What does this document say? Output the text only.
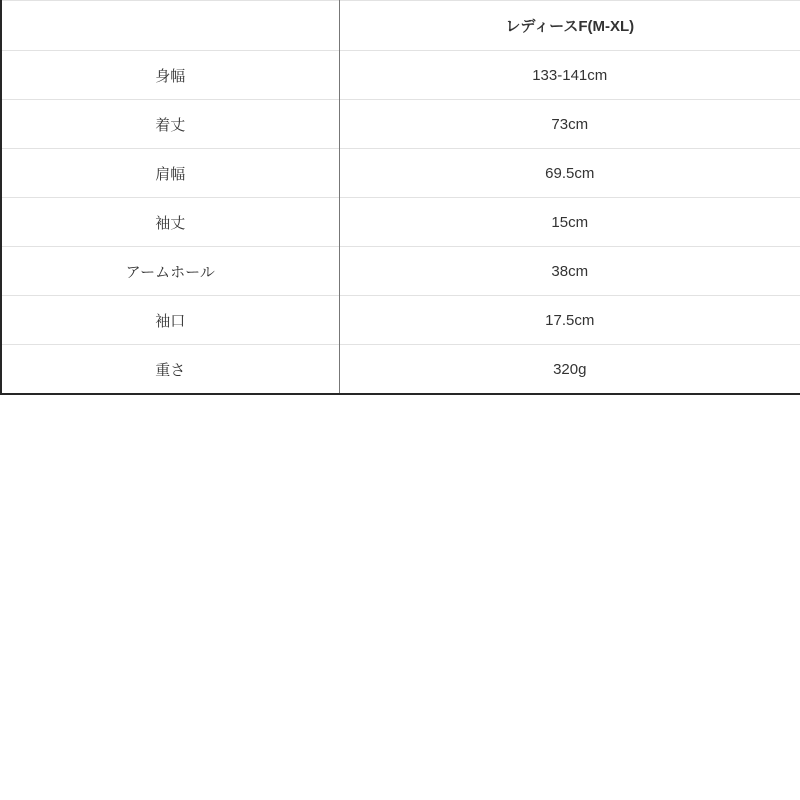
	レディースF(M-XL)
身幅	133-141cm
着丈	73cm
肩幅	69.5cm
袖丈	15cm
アームホール	38cm
袖口	17.5cm
重さ	320g
